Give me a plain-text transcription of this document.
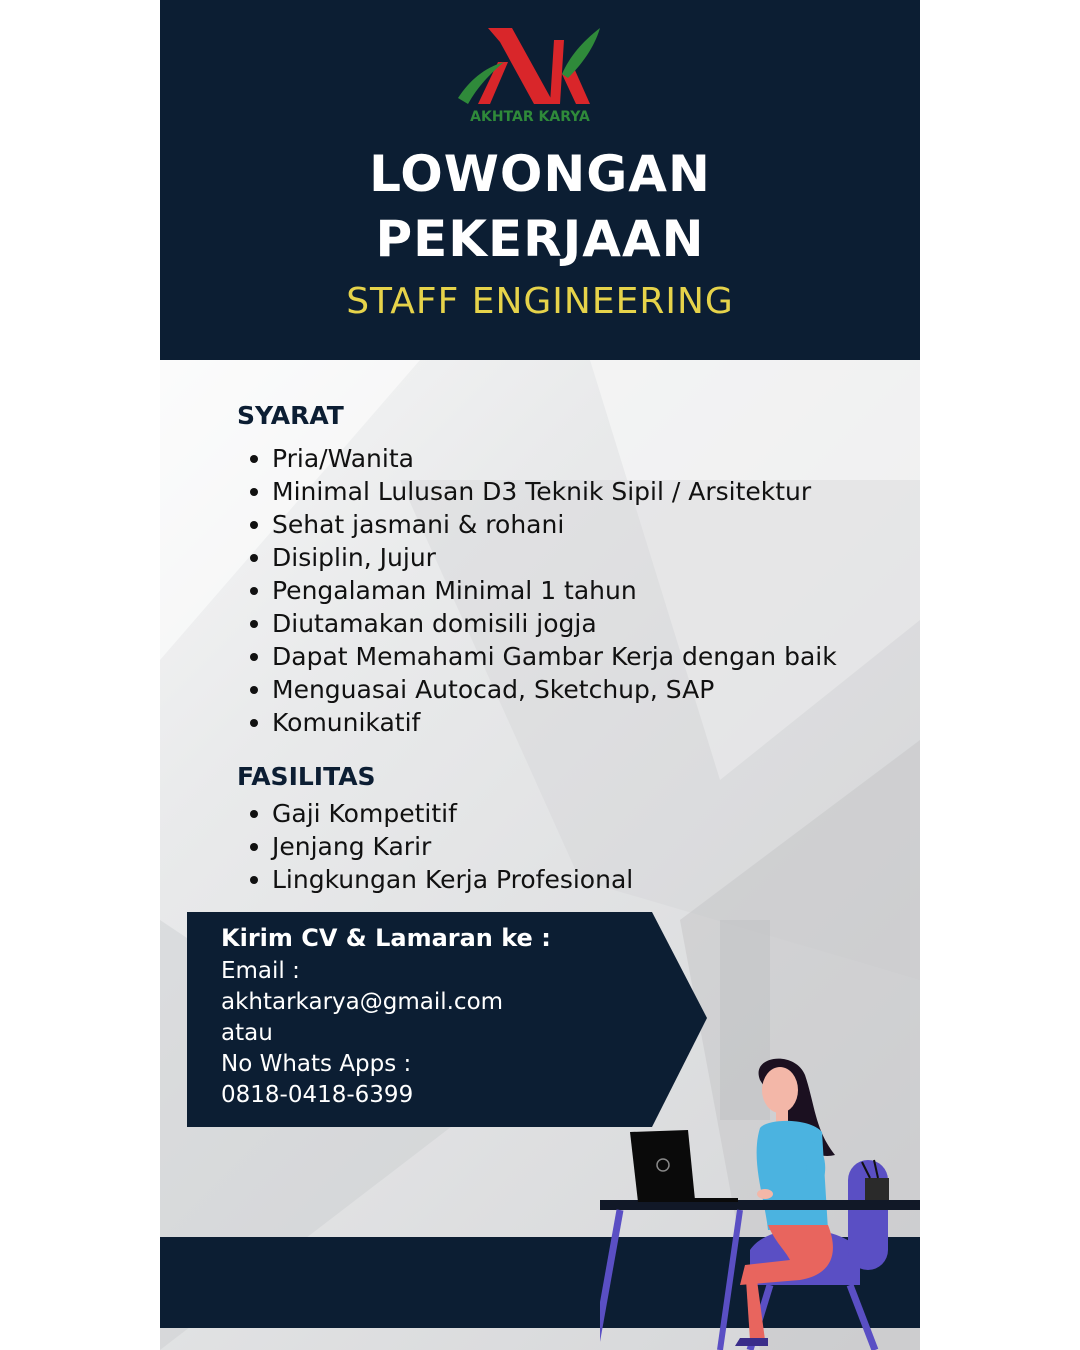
AKHTAR KARYA
LOWONGAN
PEKERJAAN
STAFF ENGINEERING
SYARAT
Pria/Wanita
Minimal Lulusan D3 Teknik Sipil / Arsitektur
Sehat jasmani & rohani
Disiplin, Jujur
Pengalaman Minimal 1 tahun
Diutamakan domisili jogja
Dapat Memahami Gambar Kerja dengan baik
Menguasai Autocad, Sketchup, SAP
Komunikatif
FASILITAS
Gaji Kompetitif
Jenjang Karir
Lingkungan Kerja Profesional
Kirim CV & Lamaran ke :
Email :
akhtarkarya@gmail.com
atau
No Whats Apps :
0818-0418-6399
